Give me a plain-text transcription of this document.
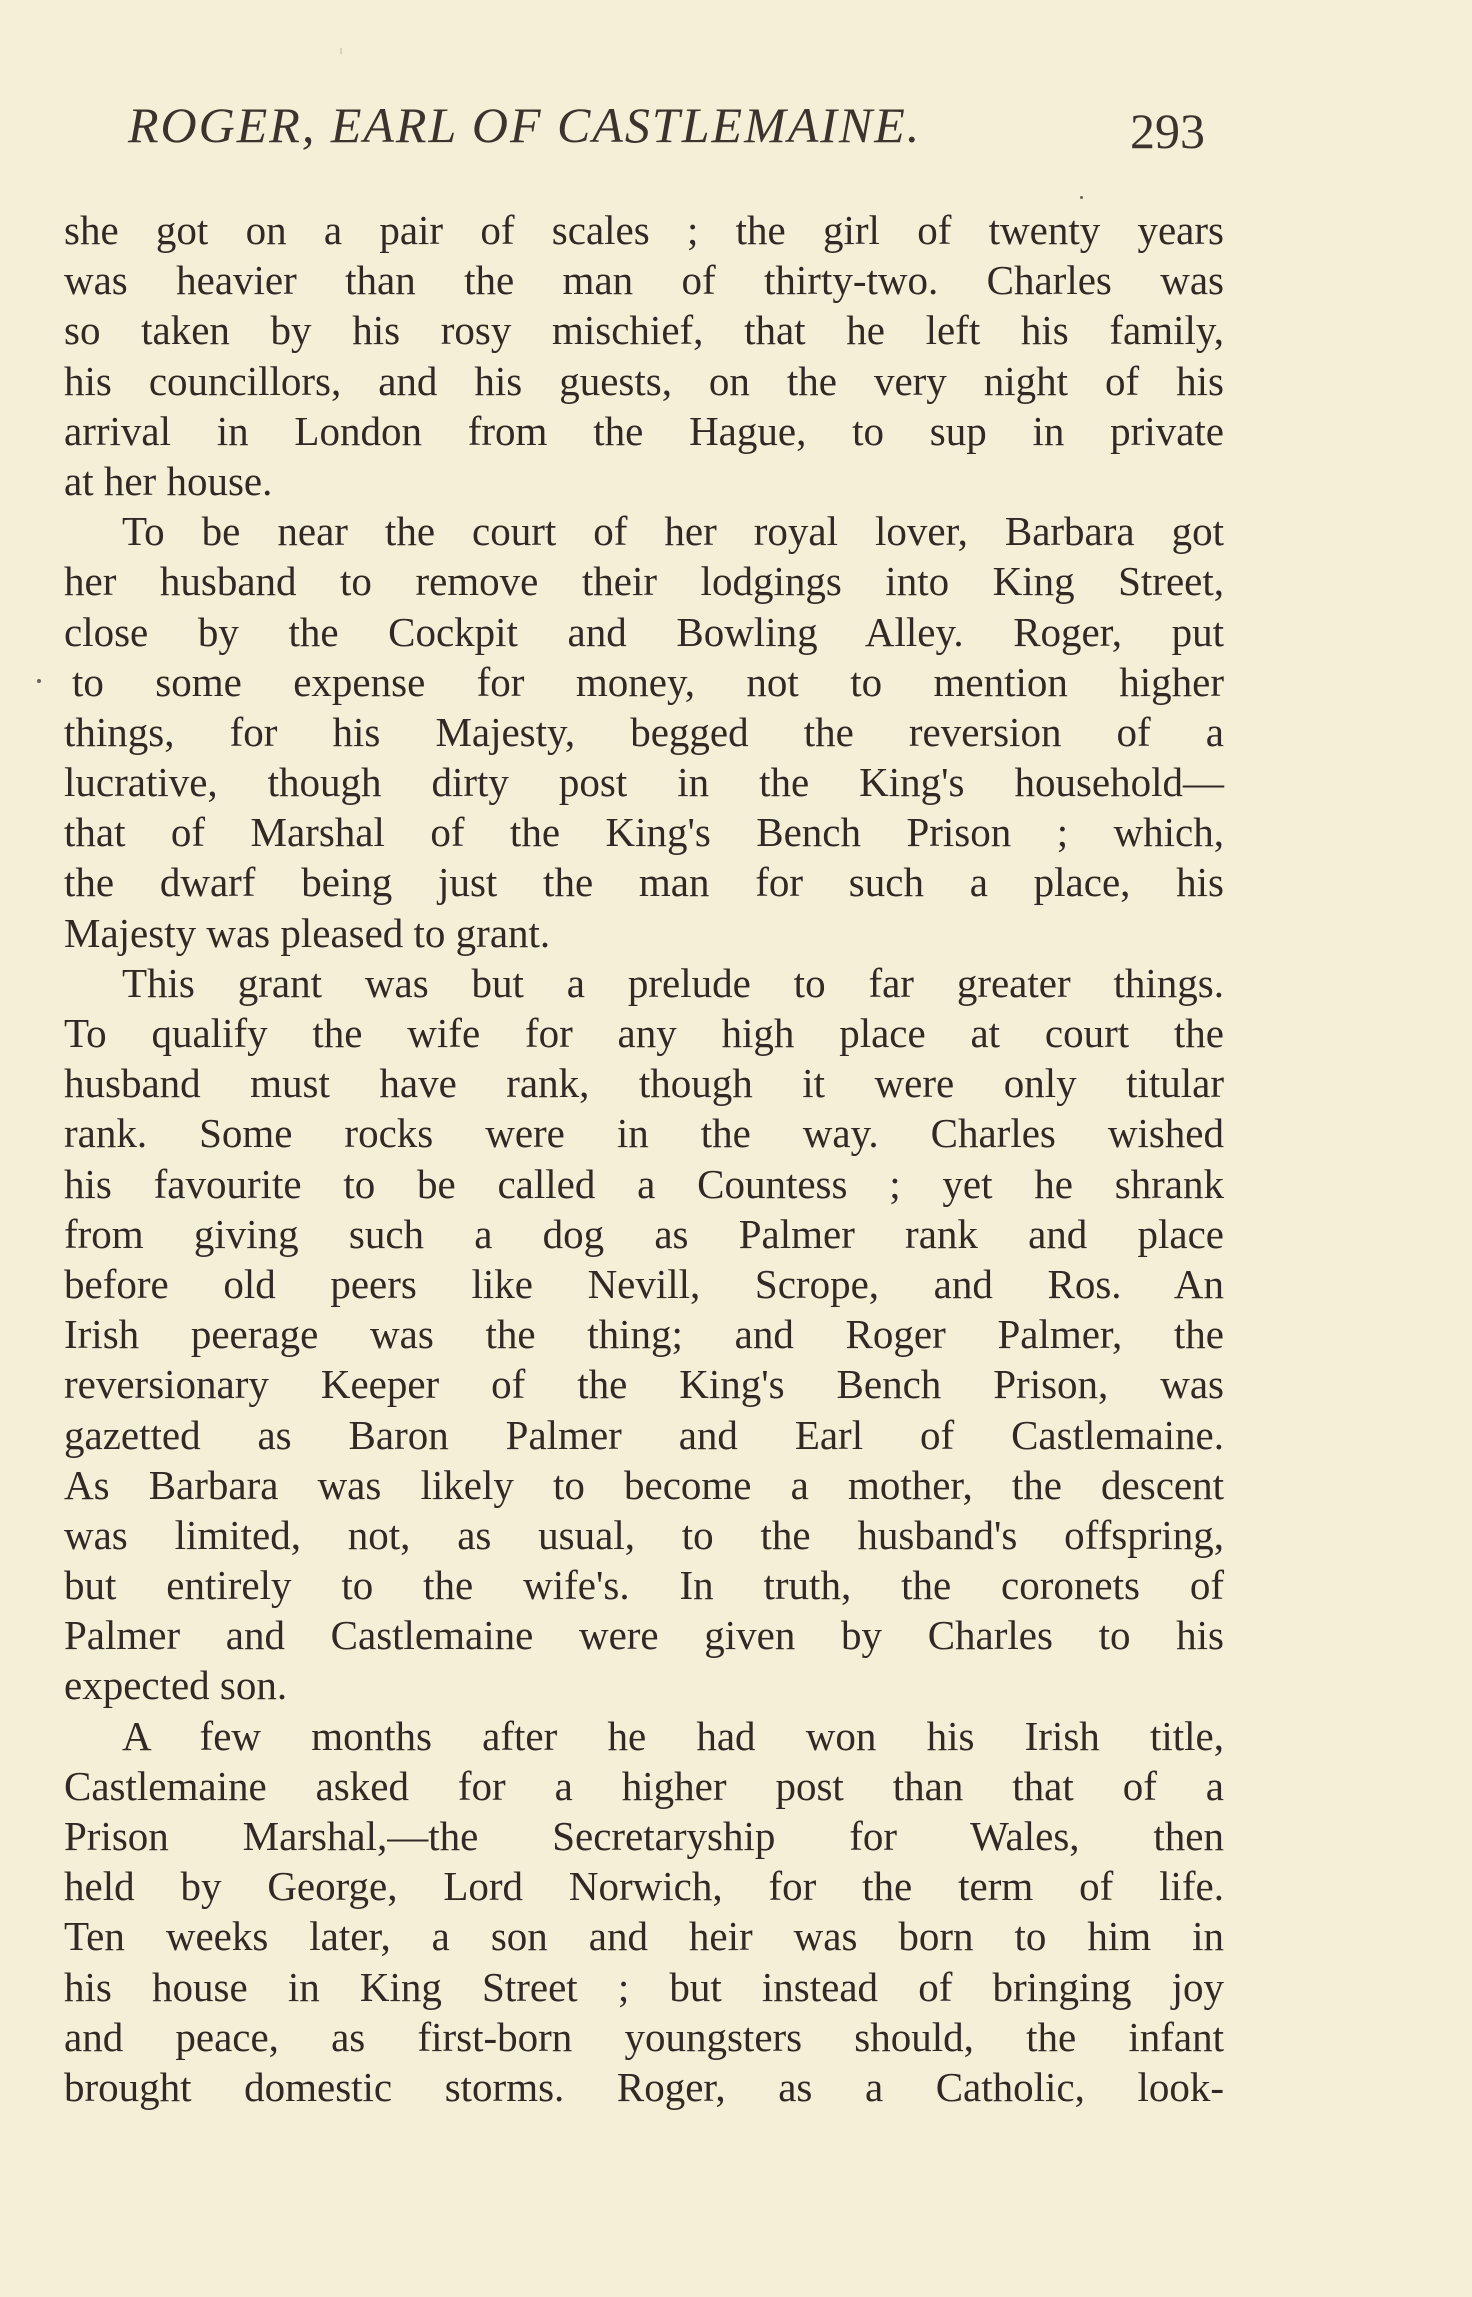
ROGER, EARL OF CASTLEMAINE.	293
she got on a pair of scales ; the girl of twenty years
was heavier than the man of thirty-two. Charles was
so taken by his rosy mischief, that he left his family,
his councillors, and his guests, on the very night of his
arrival in London from the Hague, to sup in private
at her house.
To be near the court of her royal lover, Barbara got
her husband to remove their lodgings into King Street,
close by the Cockpit and Bowling Alley. Roger, put
to some expense for money, not to mention higher
things, for his Majesty, begged the reversion of a
lucrative, though dirty post in the King's household—
that of Marshal of the King's Bench Prison ; which,
the dwarf being just the man for such a place, his
Majesty was pleased to grant.
This grant was but a prelude to far greater things.
To qualify the wife for any high place at court the
husband must have rank, though it were only titular
rank. Some rocks were in the way. Charles wished
his favourite to be called a Countess ; yet he shrank
from giving such a dog as Palmer rank and place
before old peers like Nevill, Scrope, and Ros. An
Irish peerage was the thing; and Roger Palmer, the
reversionary Keeper of the King's Bench Prison, was
gazetted as Baron Palmer and Earl of Castlemaine.
As Barbara was likely to become a mother, the descent
was limited, not, as usual, to the husband's offspring,
but entirely to the wife's. In truth, the coronets of
Palmer and Castlemaine were given by Charles to his
expected son.
A few months after he had won his Irish title,
Castlemaine asked for a higher post than that of a
Prison Marshal,—the Secretaryship for Wales, then
held by George, Lord Norwich, for the term of life.
Ten weeks later, a son and heir was born to him in
his house in King Street ; but instead of bringing joy
and peace, as first-born youngsters should, the infant
brought domestic storms. Roger, as a Catholic, look-
